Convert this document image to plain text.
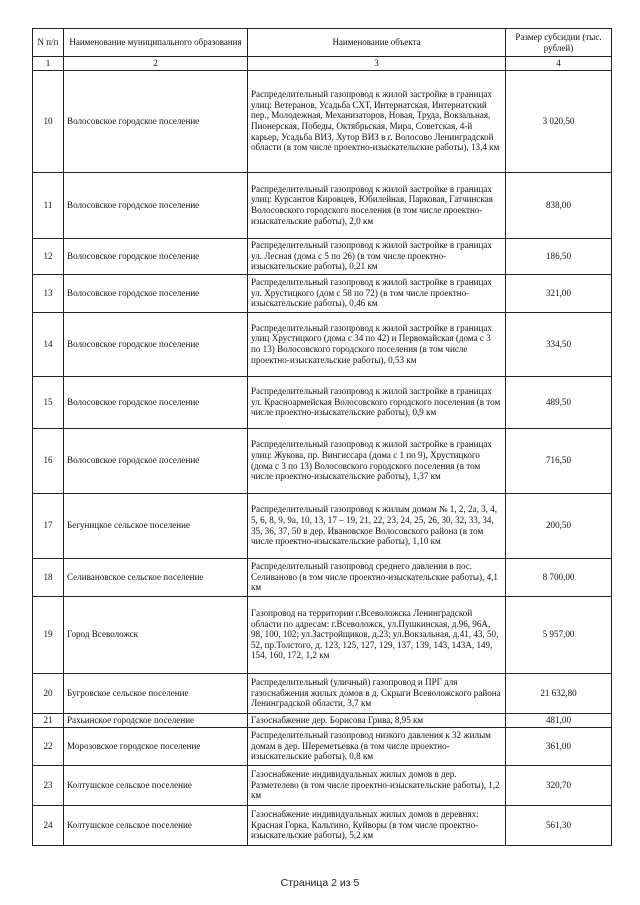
N п/п	Наименование муниципального образования	Наименование объекта	Размер субсидии (тыс. рублей)
1	2	3	4
10	Волосовское городское поселение	Распределительный газопровод к жилой застройке в границах улиц: Ветеранов, Усадьба СХТ, Интернатская, Интернатский пер., Молодежная, Механизаторов, Новая, Труда, Вокзальная, Пионерская, Победы, Октябрьская, Мира, Советская, 4-й карьер, Усадьба ВИЗ, Хутор ВИЗ в г. Волосово Ленинградской области (в том числе проектно-изыскательские работы), 13,4 км	3 020,50
11	Волосовское городское поселение	Распределительный газопровод к жилой застройке в границах улиц: Курсантов Кировцев, Юбилейная, Парковая, Гатчинская Волосовского городского поселения (в том числе проектно-изыскательские работы), 2,0 км	838,00
12	Волосовское городское поселение	Распределительный газопровод к жилой застройке в границах ул. Лесная (дома с 5 по 26) (в том числе проектно-изыскательские работы), 0,21 км	186,50
13	Волосовское городское поселение	Распределительный газопровод к жилой застройке в границах ул. Хрустицкого (дом с 58 по 72) (в том числе проектно-изыскательские работы), 0,46 км	321,00
14	Волосовское городское поселение	Распределительный газопровод к жилой застройке в границах улиц Хрустицкого (дома с 34 по 42) и Первомайская (дома с 3 по 13) Волосовского городского поселения (в том числе проектно-изыскательские работы), 0,53 км	334,50
15	Волосовское городское поселение	Распределительный газопровод к жилой застройке в границах ул. Красноармейская Волосовского городского поселения (в том числе проектно-изыскательские работы), 0,9 км	489,50
16	Волосовское городское поселение	Распределительный газопровод к жилой застройке в границах улиц: Жукова, пр. Вингиссара (дома с 1 по 9), Хрустицкого (дома с 3 по 13) Волосовского городского поселения (в том числе проектно-изыскательские работы), 1,37 км	716,50
17	Бегуницкое сельское поселение	Распределительный газопровод к жилым домам № 1, 2, 2а, 3, 4, 5, 6, 8, 9, 9а, 10, 13, 17 – 19, 21, 22, 23, 24, 25, 26, 30, 32, 33, 34, 35, 36, 37, 50 в дер. Ивановское Волосовского района (в том числе проектно-изыскательские работы), 1,10 км	200,50
18	Селивановское сельское поселение	Распределительный газопровод среднего давления в пос. Селиваново (в том числе проектно-изыскательские работы), 4,1 км	8 700,00
19	Город Всеволожск	Газопровод на территории г.Всеволожска Ленинградской области по адресам: г.Всеволожск, ул.Пушкинская, д.96, 96А, 98, 100, 102; ул.Застройщиков, д.23; ул.Вокзальная, д.41, 43, 50, 52, пр.Толстого, д. 123, 125, 127, 129, 137, 139, 143, 143А, 149, 154, 160, 172, 1,2 км	5 957,00
20	Бугровское сельское поселение	Распределительный (уличный) газопровод и ПРГ для газоснабжения жилых домов в д. Скрыги Всеволожского района Ленинградской области, 3,7 км	21 632,80
21	Рахьинское городское поселение	Газоснабжение дер. Борисова Грива, 8,95 км	481,00
22	Морозовское городское поселение	Распределительный газопровод низкого давления к 32 жилым домам в дер. Шереметьевка (в том числе проектно-изыскательские работы), 0,8 км	361,00
23	Колтушское сельское поселение	Газоснабжение индивидуальных жилых домов в дер. Разметелево (в том числе проектно-изыскательские работы), 1,2 км	320,70
24	Колтушское сельское поселение	Газоснабжение индивидуальных жилых домов в деревнях: Красная Горка, Кальтино, Куйворы (в том числе проектно-изыскательские работы), 5,2 км	561,30
Страница 2 из 5
